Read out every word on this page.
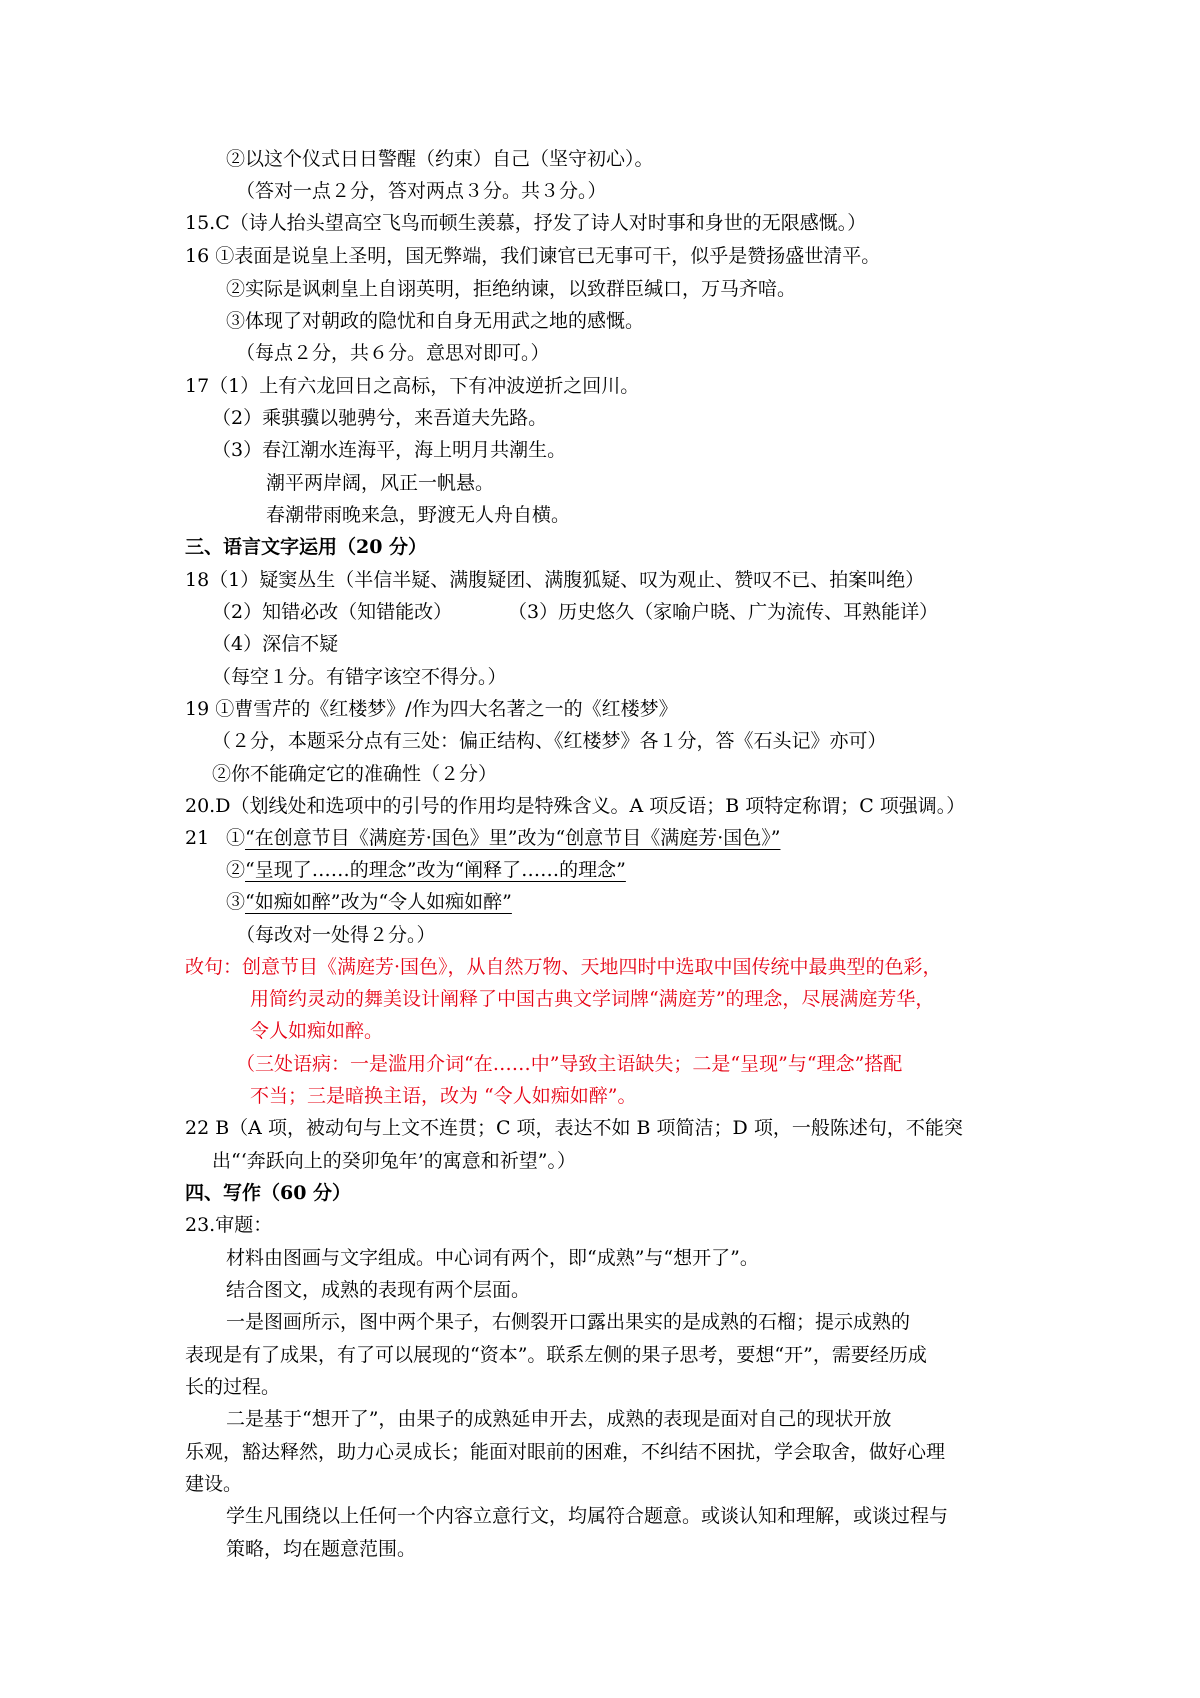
②以这个仪式日日警醒（约束）自己（坚守初心）。
（答对一点２分，答对两点３分。共３分。）
15.C（诗人抬头望高空飞鸟而顿生羡慕，抒发了诗人对时事和身世的无限感慨。）
16 ①表面是说皇上圣明，国无弊端，我们谏官已无事可干，似乎是赞扬盛世清平。
②实际是讽刺皇上自诩英明，拒绝纳谏，以致群臣缄口，万马齐喑。
③体现了对朝政的隐忧和自身无用武之地的感慨。
（每点２分，共６分。意思对即可。）
17（1）上有六龙回日之高标，下有冲波逆折之回川。
（2）乘骐骥以驰骋兮，来吾道夫先路。
（3）春江潮水连海平，海上明月共潮生。
潮平两岸阔，风正一帆悬。
春潮带雨晚来急，野渡无人舟自横。
三、语言文字运用（20 分）
18（1）疑窦丛生（半信半疑、满腹疑团、满腹狐疑、叹为观止、赞叹不已、拍案叫绝）
（2）知错必改（知错能改）	（3）历史悠久（家喻户晓、广为流传、耳熟能详）
（4）深信不疑
（每空１分。有错字该空不得分。）
19 ①曹雪芹的《红楼梦》/作为四大名著之一的《红楼梦》
（２分，本题采分点有三处：偏正结构、《红楼梦》各１分，答《石头记》亦可）
②你不能确定它的准确性（２分）
20.D（划线处和选项中的引号的作用均是特殊含义。A 项反语；B 项特定称谓；C 项强调。）
21 ①“在创意节目《满庭芳·国色》里”改为“创意节目《满庭芳·国色》”
②“呈现了……的理念”改为“阐释了……的理念”
③“如痴如醉”改为“令人如痴如醉”
（每改对一处得２分。）
改句：创意节目《满庭芳·国色》，从自然万物、天地四时中选取中国传统中最典型的色彩，
用简约灵动的舞美设计阐释了中国古典文学词牌“满庭芳”的理念，尽展满庭芳华，
令人如痴如醉。
（三处语病：一是滥用介词“在……中”导致主语缺失；二是“呈现”与“理念”搭配
不当；三是暗换主语，改为 “令人如痴如醉”。
22 B（A 项，被动句与上文不连贯；C 项，表达不如 B 项简洁；D 项，一般陈述句，不能突
出“‘奔跃向上的癸卯兔年’的寓意和祈望”。）
四、写作（60 分）
23.审题：
材料由图画与文字组成。中心词有两个，即“成熟”与“想开了”。
结合图文，成熟的表现有两个层面。
一是图画所示，图中两个果子，右侧裂开口露出果实的是成熟的石榴；提示成熟的
表现是有了成果，有了可以展现的“资本”。联系左侧的果子思考，要想“开”，需要经历成
长的过程。
二是基于“想开了”，由果子的成熟延申开去，成熟的表现是面对自己的现状开放
乐观，豁达释然，助力心灵成长；能面对眼前的困难，不纠结不困扰，学会取舍，做好心理
建设。
学生凡围绕以上任何一个内容立意行文，均属符合题意。或谈认知和理解，或谈过程与
策略，均在题意范围。
